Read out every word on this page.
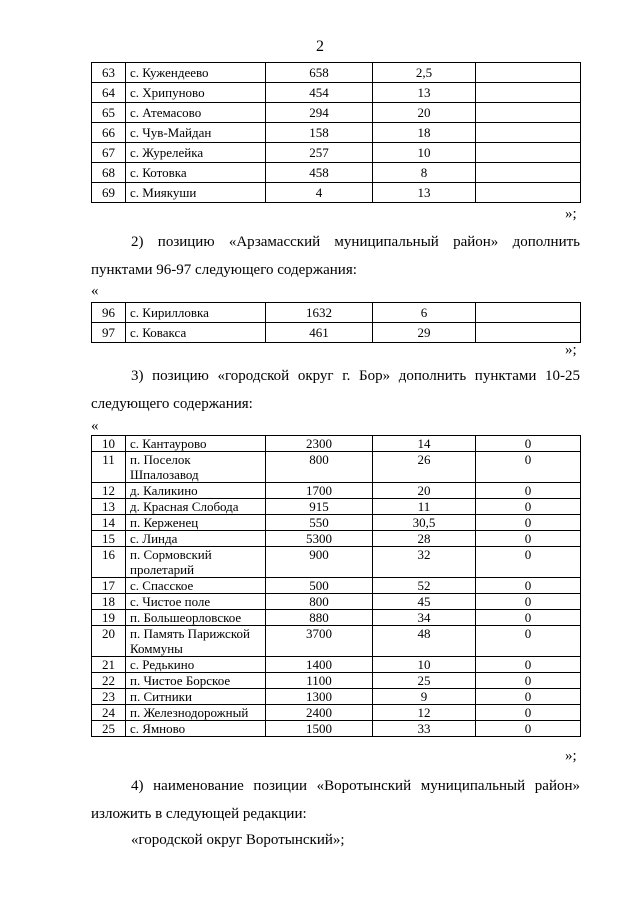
2
63	с. Кужендеево	658	2,5	
64	с. Хрипуново	454	13	
65	с. Атемасово	294	20	
66	с. Чув-Майдан	158	18	
67	с. Журелейка	257	10	
68	с. Котовка	458	8	
69	с. Миякуши	4	13	
»;
2) позицию «Арзамасский муниципальный район» дополнить
пунктами 96-97 следующего содержания:
«
96	с. Кирилловка	1632	6	
97	с. Ковакса	461	29	
»;
3) позицию «городской округ г. Бор» дополнить пунктами 10-25
следующего содержания:
«
10	с. Кантаурово	2300	14	0
11	п. Поселок Шпалозавод	800	26	0
12	д. Каликино	1700	20	0
13	д. Красная Слобода	915	11	0
14	п. Керженец	550	30,5	0
15	с. Линда	5300	28	0
16	п. Сормовский пролетарий	900	32	0
17	с. Спасское	500	52	0
18	с. Чистое поле	800	45	0
19	п. Большеорловское	880	34	0
20	п. Память Парижской Коммуны	3700	48	0
21	с. Редькино	1400	10	0
22	п. Чистое Борское	1100	25	0
23	п. Ситники	1300	9	0
24	п. Железнодорожный	2400	12	0
25	с. Ямново	1500	33	0
»;
4) наименование позиции «Воротынский муниципальный район»
изложить в следующей редакции:
«городской округ Воротынский»;
